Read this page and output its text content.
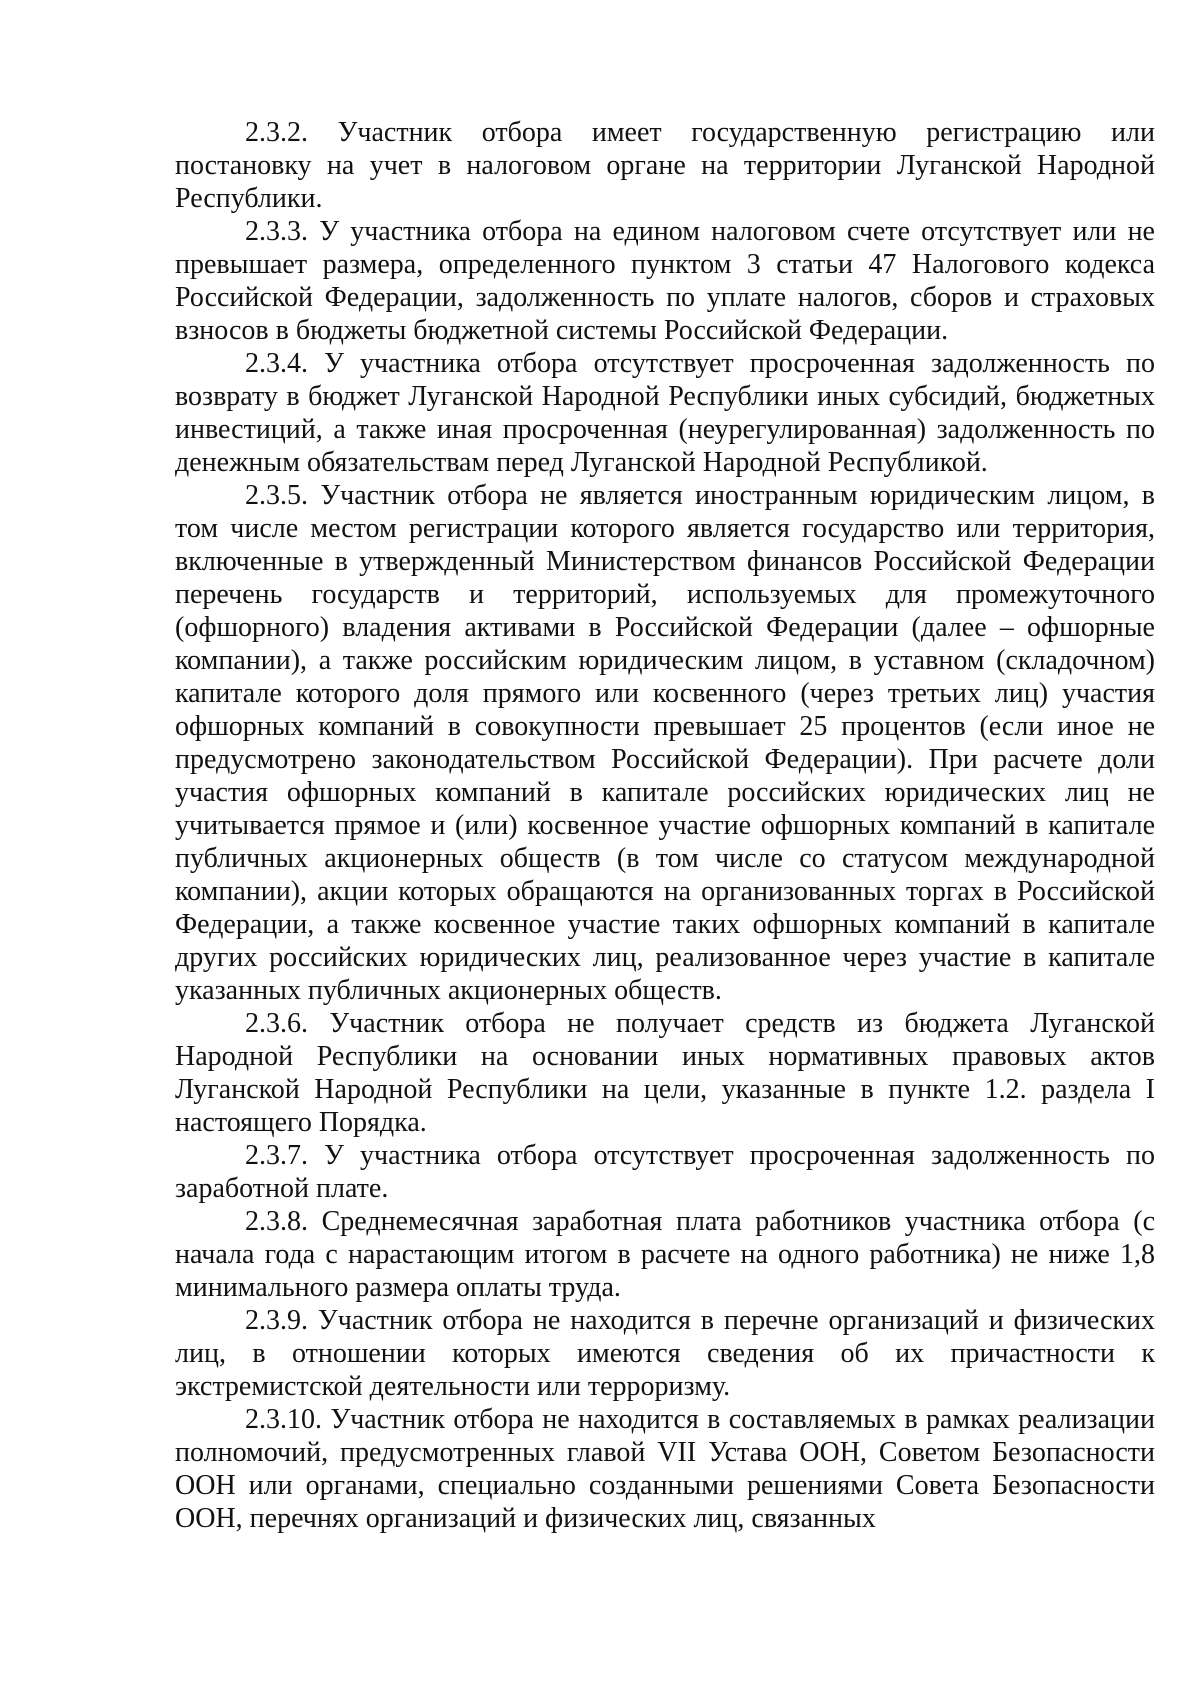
2.3.2. Участник отбора имеет государственную регистрацию или постановку на учет в налоговом органе на территории Луганской Народной Республики.

2.3.3. У участника отбора на едином налоговом счете отсутствует или не превышает размера, определенного пунктом 3 статьи 47 Налогового кодекса Российской Федерации, задолженность по уплате налогов, сборов и страховых взносов в бюджеты бюджетной системы Российской Федерации.

2.3.4. У участника отбора отсутствует просроченная задолженность по возврату в бюджет Луганской Народной Республики иных субсидий, бюджетных инвестиций, а также иная просроченная (неурегулированная) задолженность по денежным обязательствам перед Луганской Народной Республикой.

2.3.5. Участник отбора не является иностранным юридическим лицом, в том числе местом регистрации которого является государство или территория, включенные в утвержденный Министерством финансов Российской Федерации перечень государств и территорий, используемых для промежуточного (офшорного) владения активами в Российской Федерации (далее – офшорные компании), а также российским юридическим лицом, в уставном (складочном) капитале которого доля прямого или косвенного (через третьих лиц) участия офшорных компаний в совокупности превышает 25 процентов (если иное не предусмотрено законодательством Российской Федерации). При расчете доли участия офшорных компаний в капитале российских юридических лиц не учитывается прямое и (или) косвенное участие офшорных компаний в капитале публичных акционерных обществ (в том числе со статусом международной компании), акции которых обращаются на организованных торгах в Российской Федерации, а также косвенное участие таких офшорных компаний в капитале других российских юридических лиц, реализованное через участие в капитале указанных публичных акционерных обществ.

2.3.6. Участник отбора не получает средств из бюджета Луганской Народной Республики на основании иных нормативных правовых актов Луганской Народной Республики на цели, указанные в пункте 1.2. раздела I настоящего Порядка.

2.3.7. У участника отбора отсутствует просроченная задолженность по заработной плате.

2.3.8. Среднемесячная заработная плата работников участника отбора (с начала года с нарастающим итогом в расчете на одного работника) не ниже 1,8 минимального размера оплаты труда.

2.3.9. Участник отбора не находится в перечне организаций и физических лиц, в отношении которых имеются сведения об их причастности к экстремистской деятельности или терроризму.

2.3.10. Участник отбора не находится в составляемых в рамках реализации полномочий, предусмотренных главой VII Устава ООН, Советом Безопасности ООН или органами, специально созданными решениями Совета Безопасности ООН, перечнях организаций и физических лиц, связанных
